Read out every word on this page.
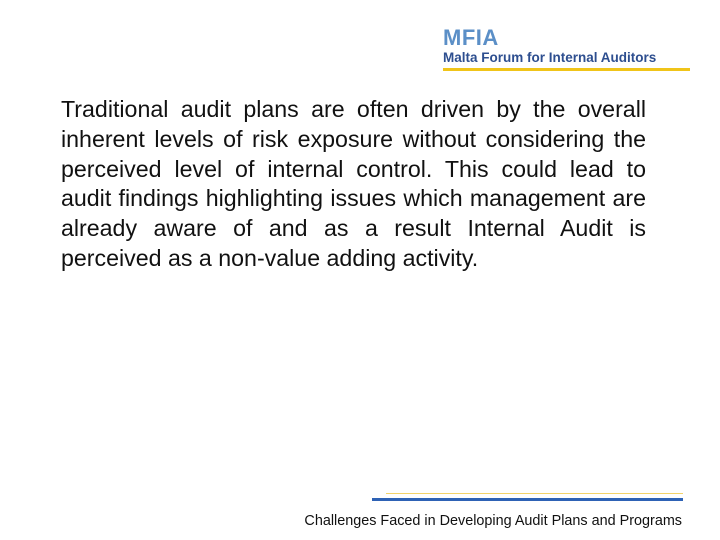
MFIA
Malta Forum for Internal Auditors

Traditional audit plans are often driven by the overall inherent levels of risk exposure without considering the perceived level of internal control. This could lead to audit findings highlighting issues which management are already aware of and as a result Internal Audit is perceived as a non-value adding activity.

Challenges Faced in Developing Audit Plans and Programs
